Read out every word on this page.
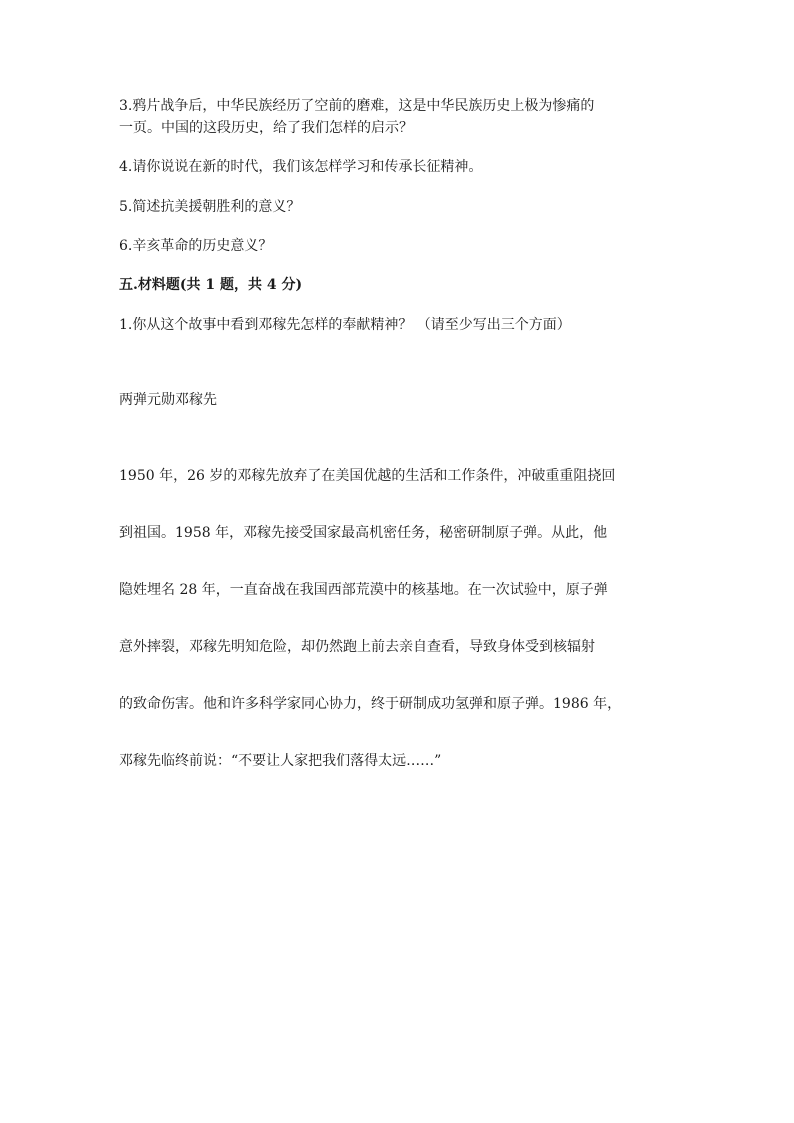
3.鸦片战争后，中华民族经历了空前的磨难，这是中华民族历史上极为惨痛的
一页。中国的这段历史，给了我们怎样的启示？
4.请你说说在新的时代，我们该怎样学习和传承长征精神。
5.简述抗美援朝胜利的意义？
6.辛亥革命的历史意义？
五.材料题(共 1 题，共 4 分)
1.你从这个故事中看到邓稼先怎样的奉献精神？ （请至少写出三个方面）
两弹元勋邓稼先
1950 年，26 岁的邓稼先放弃了在美国优越的生活和工作条件，冲破重重阻挠回
到祖国。1958 年，邓稼先接受国家最高机密任务，秘密研制原子弹。从此，他
隐姓埋名 28 年，一直奋战在我国西部荒漠中的核基地。在一次试验中，原子弹
意外摔裂，邓稼先明知危险，却仍然跑上前去亲自查看，导致身体受到核辐射
的致命伤害。他和许多科学家同心协力，终于研制成功氢弹和原子弹。1986 年，
邓稼先临终前说：“不要让人家把我们落得太远……”
